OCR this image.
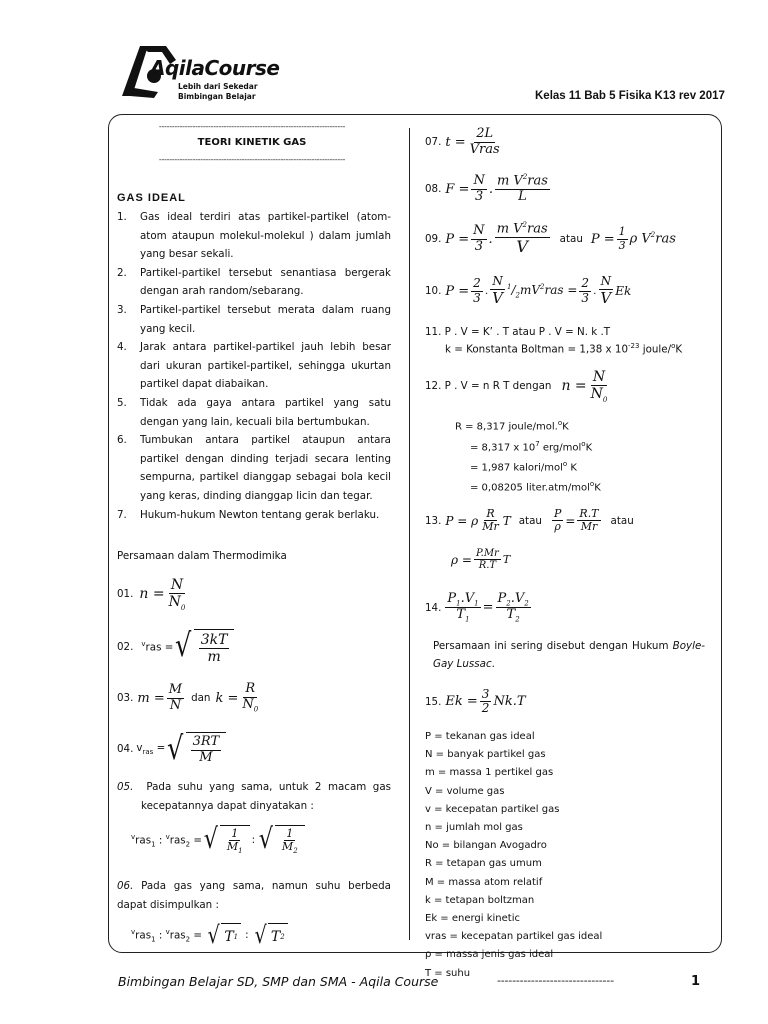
AqilaCourse
Lebih dari Sekedar
Bimbingan Belajar	Kelas 11 Bab 5 Fisika K13 rev 2017
------------------------------------------------------------------------
TEORI KINETIK GAS
------------------------------------------------------------------------
GAS IDEAL
1. Gas ideal terdiri atas partikel-partikel (atom-atom ataupun molekul-molekul ) dalam jumlah yang besar sekali.
2. Partikel-partikel tersebut senantiasa bergerak dengan arah random/sebarang.
3. Partikel-partikel tersebut merata dalam ruang yang kecil.
4. Jarak antara partikel-partikel jauh lebih besar dari ukuran partikel-partikel, sehingga ukurtan partikel dapat diabaikan.
5. Tidak ada gaya antara partikel yang satu dengan yang lain, kecuali bila bertumbukan.
6. Tumbukan antara partikel ataupun antara partikel dengan dinding terjadi secara lenting sempurna, partikel dianggap sebagai bola kecil yang keras, dinding dianggap licin dan tegar.
7. Hukum-hukum Newton tentang gerak berlaku.
Persamaan dalam Thermodimika
01. $n = \frac{N}{N_0}$
02. $^v$ras = √ $\frac{3kT}{m}$
03. $m = \frac{M}{N}$ dan $k = \frac{R}{N_0}$
04. $v_{ras}$ = √ $\frac{3RT}{M}$
05. Pada suhu yang sama, untuk 2 macam gas kecepatannya dapat dinyatakan :
$^v$ras$_1$ : $^v$ras$_2$ = √ $\frac{1}{M_1}$ : √ $\frac{1}{M_2}$
06. Pada gas yang sama, namun suhu berbeda dapat disimpulkan :
$^v$ras$_1$ : $^v$ras$_2$ = √ T 1 : √ T 2
07. $t = \frac{2L}{\text{Vras}}$
08. $F = \frac{N}{3}$ . $\frac{m V^2ras}{L}$
09. $P = \frac{N}{3}$ . $\frac{m V^2ras}{V}$ atau $P = \frac{1}{3}$ ρ $V^2ras$
10. $P = \frac{2}{3}$ . $\frac{N}{V} ^1/_2mV^2ras = \frac{2}{3}$ . $\frac{N}{V}$ Ek
11. P . V = K’ . T atau P . V = N. k .T
k = Konstanta Boltman = 1,38 x $10^{-23}$ joule/$^o$K
12. P . V = n R T dengan $n = \frac{N}{N_0}$
R = 8,317 joule/mol.$^o$K
= 8,317 x $10^7$ erg/mol$^o$K
= 1,987 kalori/mol$^o$ K
= 0,08205 liter.atm/mol$^o$K
13. P = ρ $\frac{R}{Mr}$ T atau $\frac{P}{\rho} = \frac{R.T}{Mr}$ atau
$\rho = \frac{P.Mr}{R.T}$ T
14. $\frac{P_1.V_1}{T_1} = \frac{P_2.V_2}{T_2}$
Persamaan ini sering disebut dengan Hukum Boyle-Gay Lussac.
15. $Ek = \frac{3}{2} Nk.T$
P = tekanan gas ideal
N = banyak partikel gas
m = massa 1 pertikel gas
V = volume gas
v = kecepatan partikel gas
n = jumlah mol gas
No = bilangan Avogadro
R = tetapan gas umum
M = massa atom relatif
k = tetapan boltzman
Ek = energi kinetic
vras = kecepatan partikel gas ideal
ρ = massa jenis gas ideal
T = suhu
Bimbingan Belajar SD, SMP dan SMA - Aqila Course	-------------------------------	1
